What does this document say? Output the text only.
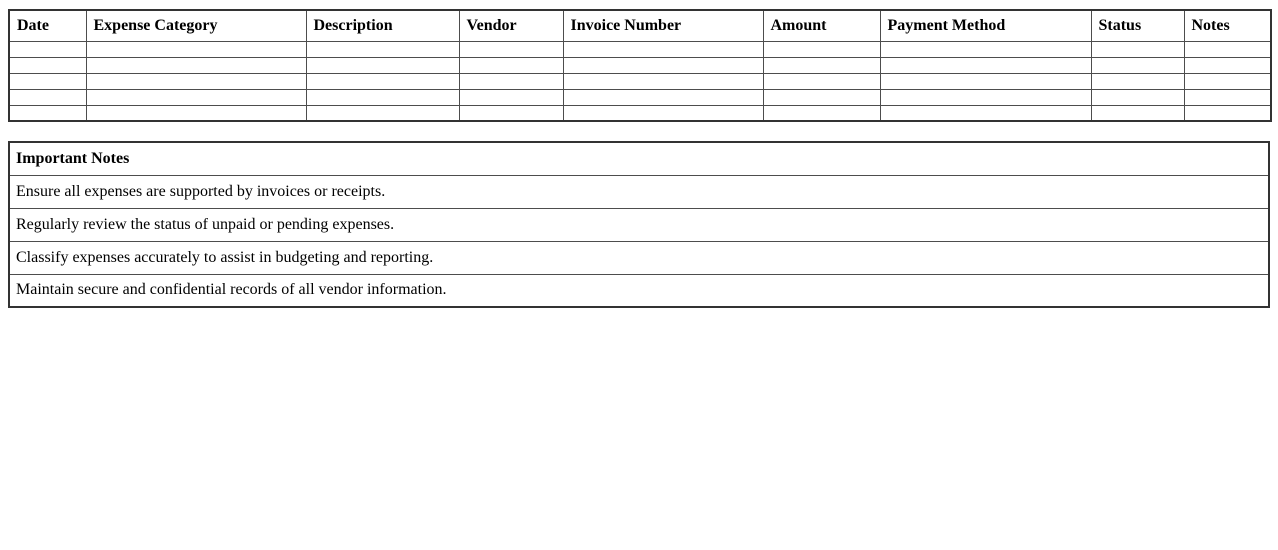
Date	Expense Category	Description	Vendor	Invoice Number	Amount	Payment Method	Status	Notes

Important Notes
Ensure all expenses are supported by invoices or receipts.
Regularly review the status of unpaid or pending expenses.
Classify expenses accurately to assist in budgeting and reporting.
Maintain secure and confidential records of all vendor information.
